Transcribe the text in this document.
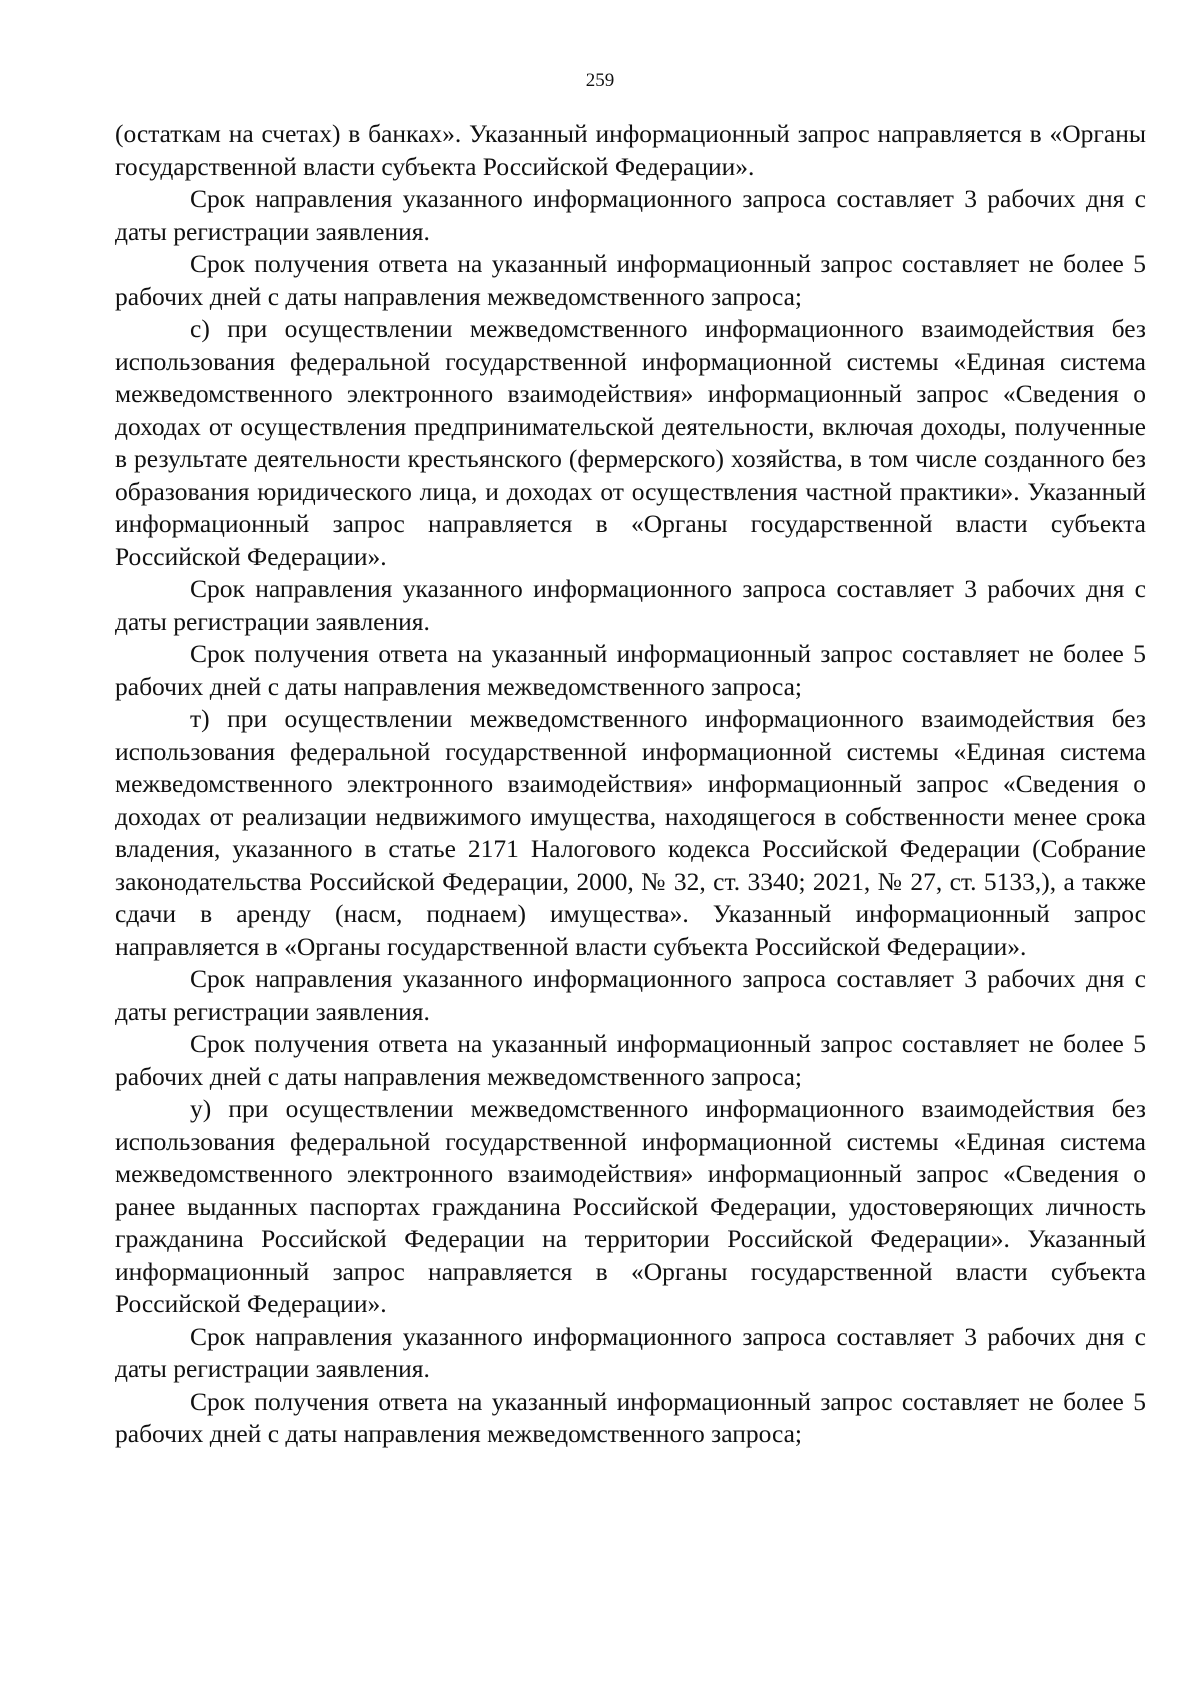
259

(остаткам на счетах) в банках». Указанный информационный запрос направляется в «Органы государственной власти субъекта Российской Федерации».

Срок направления указанного информационного запроса составляет 3 рабочих дня с даты регистрации заявления.

Срок получения ответа на указанный информационный запрос составляет не более 5 рабочих дней с даты направления межведомственного запроса;

с) при осуществлении межведомственного информационного взаимодействия без использования федеральной государственной информационной системы «Единая система межведомственного электронного взаимодействия» информационный запрос «Сведения о доходах от осуществления предпринимательской деятельности, включая доходы, полученные в результате деятельности крестьянского (фермерского) хозяйства, в том числе созданного без образования юридического лица, и доходах от осуществления частной практики». Указанный информационный запрос направляется в «Органы государственной власти субъекта Российской Федерации».

Срок направления указанного информационного запроса составляет 3 рабочих дня с даты регистрации заявления.

Срок получения ответа на указанный информационный запрос составляет не более 5 рабочих дней с даты направления межведомственного запроса;

т) при осуществлении межведомственного информационного взаимодействия без использования федеральной государственной информационной системы «Единая система межведомственного электронного взаимодействия» информационный запрос «Сведения о доходах от реализации недвижимого имущества, находящегося в собственности менее срока владения, указанного в статье 2171 Налогового кодекса Российской Федерации (Собрание законодательства Российской Федерации, 2000, № 32, ст. 3340; 2021, № 27, ст. 5133,), а также сдачи в аренду (насм, поднаем) имущества». Указанный информационный запрос направляется в «Органы государственной власти субъекта Российской Федерации».

Срок направления указанного информационного запроса составляет 3 рабочих дня с даты регистрации заявления.

Срок получения ответа на указанный информационный запрос составляет не более 5 рабочих дней с даты направления межведомственного запроса;

у) при осуществлении межведомственного информационного взаимодействия без использования федеральной государственной информационной системы «Единая система межведомственного электронного взаимодействия» информационный запрос «Сведения о ранее выданных паспортах гражданина Российской Федерации, удостоверяющих личность гражданина Российской Федерации на территории Российской Федерации». Указанный информационный запрос направляется в «Органы государственной власти субъекта Российской Федерации».

Срок направления указанного информационного запроса составляет 3 рабочих дня с даты регистрации заявления.

Срок получения ответа на указанный информационный запрос составляет не более 5 рабочих дней с даты направления межведомственного запроса;
